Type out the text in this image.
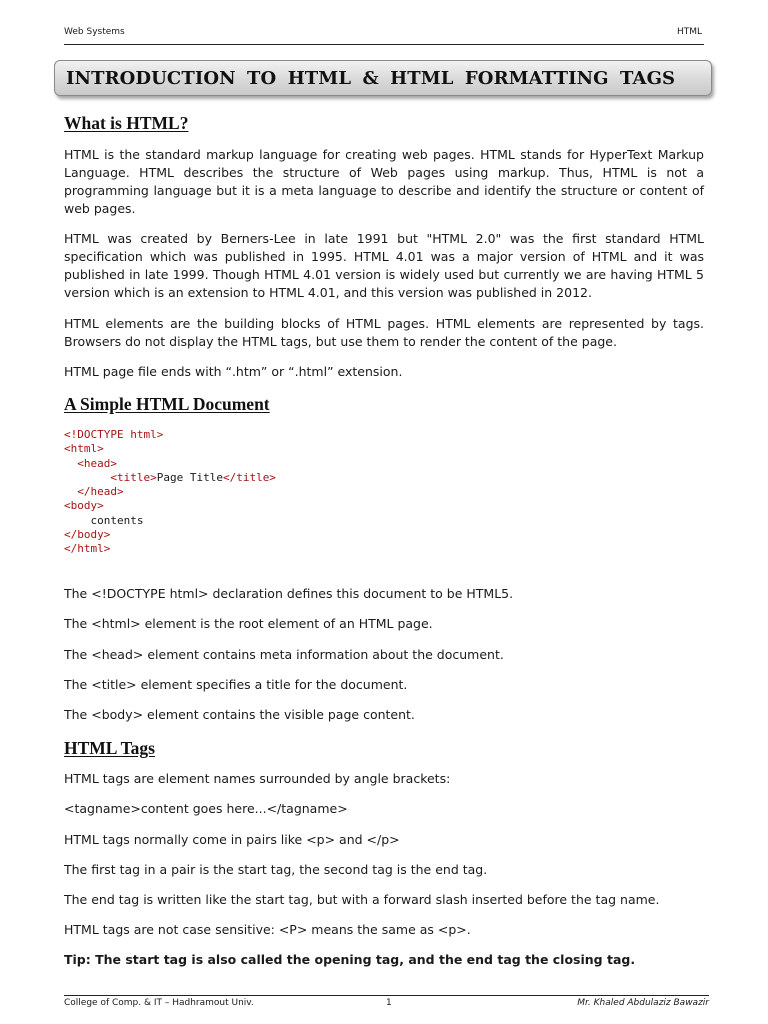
Web Systems	HTML
INTRODUCTION TO HTML & HTML FORMATTING TAGS
What is HTML?

HTML is the standard markup language for creating web pages. HTML stands for HyperText Markup Language. HTML describes the structure of Web pages using markup. Thus, HTML is not a programming language but it is a meta language to describe and identify the structure or content of web pages.

HTML was created by Berners-Lee in late 1991 but "HTML 2.0" was the first standard HTML specification which was published in 1995. HTML 4.01 was a major version of HTML and it was published in late 1999. Though HTML 4.01 version is widely used but currently we are having HTML 5 version which is an extension to HTML 4.01, and this version was published in 2012.

HTML elements are the building blocks of HTML pages. HTML elements are represented by tags. Browsers do not display the HTML tags, but use them to render the content of the page.

HTML page file ends with “.htm” or “.html” extension.

A Simple HTML Document
<!DOCTYPE html>
<html>
<head>
<title>Page Title</title>
</head>
<body>
contents
</body>
</html>

The <!DOCTYPE html> declaration defines this document to be HTML5.

The <html> element is the root element of an HTML page.

The <head> element contains meta information about the document.

The <title> element specifies a title for the document.

The <body> element contains the visible page content.

HTML Tags

HTML tags are element names surrounded by angle brackets:

<tagname>content goes here...</tagname>

HTML tags normally come in pairs like <p> and </p>

The first tag in a pair is the start tag, the second tag is the end tag.

The end tag is written like the start tag, but with a forward slash inserted before the tag name.

HTML tags are not case sensitive: <P> means the same as <p>.

Tip: The start tag is also called the opening tag, and the end tag the closing tag.

College of Comp. & IT – Hadhramout Univ.	1	Mr. Khaled Abdulaziz Bawazir
